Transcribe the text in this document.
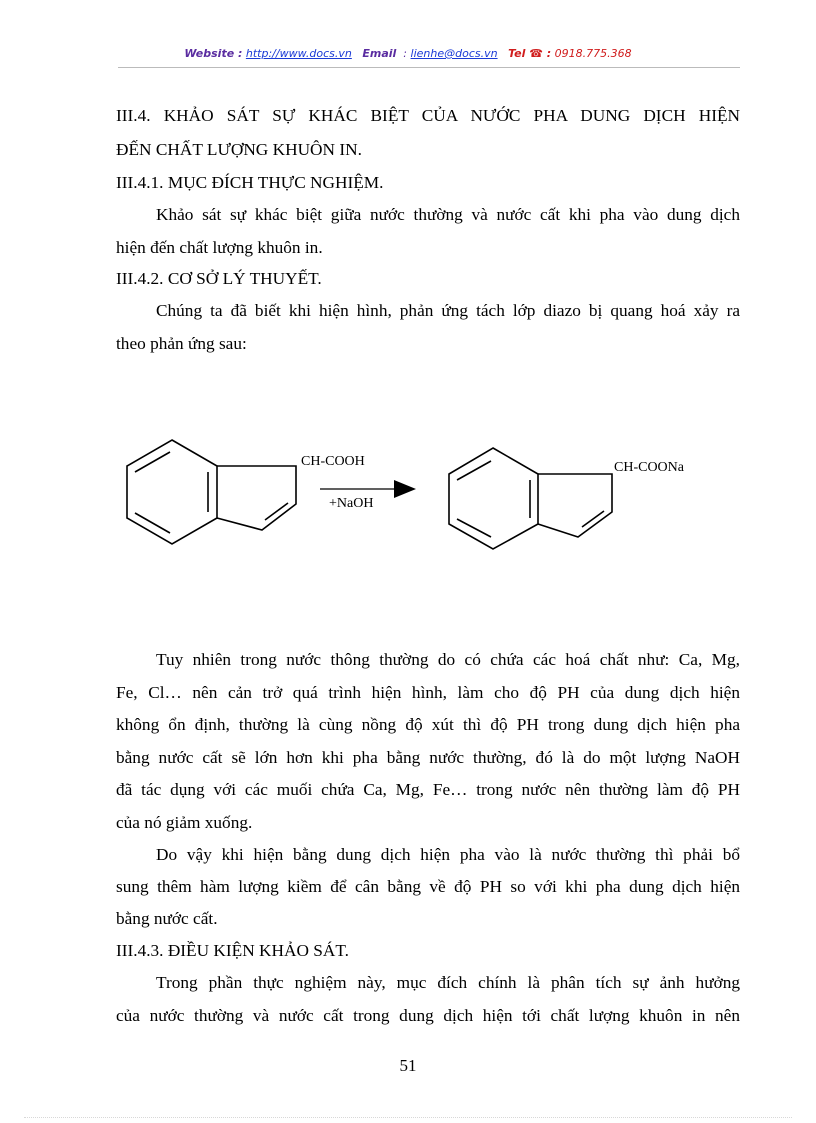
Website : http://www.docs.vn Email : lienhe@docs.vn Tel ☎ : 0918.775.368
III.4. KHẢO SÁT SỰ KHÁC BIỆT CỦA NƯỚC PHA DUNG DỊCH HIỆN
ĐẾN CHẤT LƯỢNG KHUÔN IN.
III.4.1. MỤC ĐÍCH THỰC NGHIỆM.
Khảo sát sự khác biệt giữa nước thường và nước cất khi pha vào dung dịch
hiện đến chất lượng khuôn in.
III.4.2. CƠ SỞ LÝ THUYẾT.
Chúng ta đã biết khi hiện hình, phản ứng tách lớp diazo bị quang hoá xảy ra
theo phản ứng sau:
Tuy nhiên trong nước thông thường do có chứa các hoá chất như: Ca, Mg,
Fe, Cl… nên cản trở quá trình hiện hình, làm cho độ PH của dung dịch hiện
không ổn định, thường là cùng nồng độ xút thì độ PH trong dung dịch hiện pha
bằng nước cất sẽ lớn hơn khi pha bằng nước thường, đó là do một lượng NaOH
đã tác dụng với các muối chứa Ca, Mg, Fe… trong nước nên thường làm độ PH
của nó giảm xuống.
Do vậy khi hiện bằng dung dịch hiện pha vào là nước thường thì phải bổ
sung thêm hàm lượng kiềm để cân bằng về độ PH so với khi pha dung dịch hiện
bằng nước cất.
III.4.3. ĐIỀU KIỆN KHẢO SÁT.
Trong phần thực nghiệm này, mục đích chính là phân tích sự ảnh hưởng
của nước thường và nước cất trong dung dịch hiện tới chất lượng khuôn in nên
CH-COOH
+NaOH
CH-COONa
51
